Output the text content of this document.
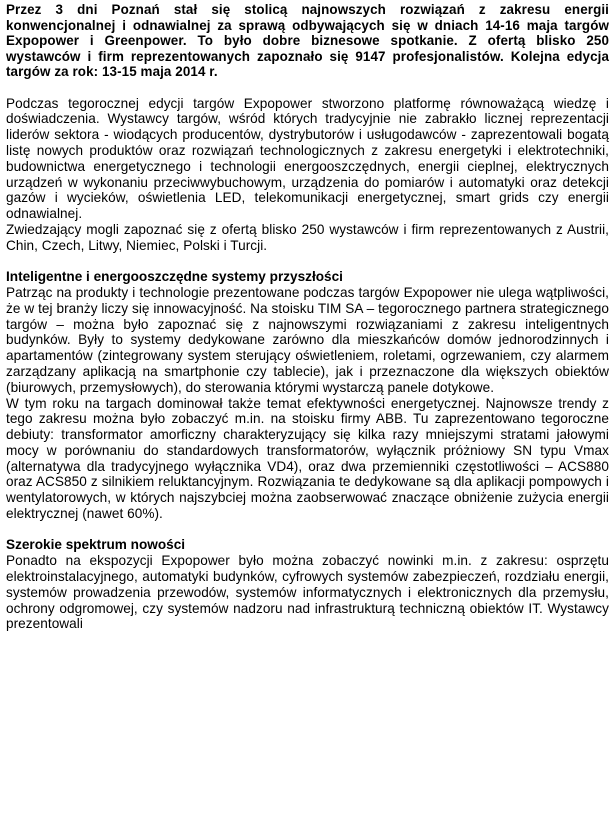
Przez 3 dni Poznań stał się stolicą najnowszych rozwiązań z zakresu energii konwencjonalnej i odnawialnej za sprawą odbywających się w dniach 14-16 maja targów Expopower i Greenpower. To było dobre biznesowe spotkanie. Z ofertą blisko 250 wystawców i firm reprezentowanych zapoznało się 9147 profesjonalistów. Kolejna edycja targów za rok: 13-15 maja 2014 r.

Podczas tegorocznej edycji targów Expopower stworzono platformę równoważącą wiedzę i doświadczenia. Wystawcy targów, wśród których tradycyjnie nie zabrakło licznej reprezentacji liderów sektora - wiodących producentów, dystrybutorów i usługodawców - zaprezentowali bogatą listę nowych produktów oraz rozwiązań technologicznych z zakresu energetyki i elektrotechniki, budownictwa energetycznego i technologii energooszczędnych, energii cieplnej, elektrycznych urządzeń w wykonaniu przeciwwybuchowym, urządzenia do pomiarów i automatyki oraz detekcji gazów i wycieków, oświetlenia LED, telekomunikacji energetycznej, smart grids czy energii odnawialnej.

Zwiedzający mogli zapoznać się z ofertą blisko 250 wystawców i firm reprezentowanych z Austrii, Chin, Czech, Litwy, Niemiec, Polski i Turcji.

Inteligentne i energooszczędne systemy przyszłości

Patrząc na produkty i technologie prezentowane podczas targów Expopower nie ulega wątpliwości, że w tej branży liczy się innowacyjność. Na stoisku TIM SA – tegorocznego partnera strategicznego targów – można było zapoznać się z najnowszymi rozwiązaniami z zakresu inteligentnych budynków. Były to systemy dedykowane zarówno dla mieszkańców domów jednorodzinnych i apartamentów (zintegrowany system sterujący oświetleniem, roletami, ogrzewaniem, czy alarmem zarządzany aplikacją na smartphonie czy tablecie), jak i przeznaczone dla większych obiektów (biurowych, przemysłowych), do sterowania którymi wystarczą panele dotykowe.

W tym roku na targach dominował także temat efektywności energetycznej. Najnowsze trendy z tego zakresu można było zobaczyć m.in. na stoisku firmy ABB. Tu zaprezentowano tegoroczne debiuty: transformator amorficzny charakteryzujący się kilka razy mniejszymi stratami jałowymi mocy w porównaniu do standardowych transformatorów, wyłącznik próżniowy SN typu Vmax (alternatywa dla tradycyjnego wyłącznika VD4), oraz dwa przemienniki częstotliwości – ACS880 oraz ACS850 z silnikiem reluktancyjnym. Rozwiązania te dedykowane są dla aplikacji pompowych i wentylatorowych, w których najszybciej można zaobserwować znaczące obniżenie zużycia energii elektrycznej (nawet 60%).

Szerokie spektrum nowości

Ponadto na ekspozycji Expopower było można zobaczyć nowinki m.in. z zakresu: osprzętu elektroinstalacyjnego, automatyki budynków, cyfrowych systemów zabezpieczeń, rozdziału energii, systemów prowadzenia przewodów, systemów informatycznych i elektronicznych dla przemysłu, ochrony odgromowej, czy systemów nadzoru nad infrastrukturą techniczną obiektów IT. Wystawcy prezentowali
